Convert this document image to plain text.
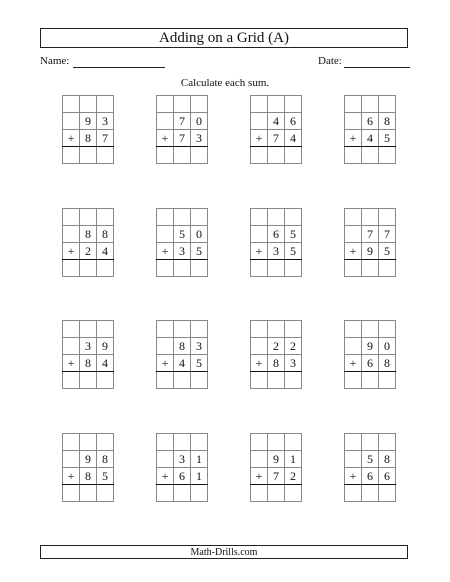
Adding on a Grid (A)
Name:	Date:
Calculate each sum.

	9	3
+	8	7

	7	0
+	7	3

	4	6
+	7	4

	6	8
+	4	5

	8	8
+	2	4

	5	0
+	3	5

	6	5
+	3	5

	7	7
+	9	5

	3	9
+	8	4

	8	3
+	4	5

	2	2
+	8	3

	9	0
+	6	8

	9	8
+	8	5

	3	1
+	6	1

	9	1
+	7	2

	5	8
+	6	6

Math-Drills.com
